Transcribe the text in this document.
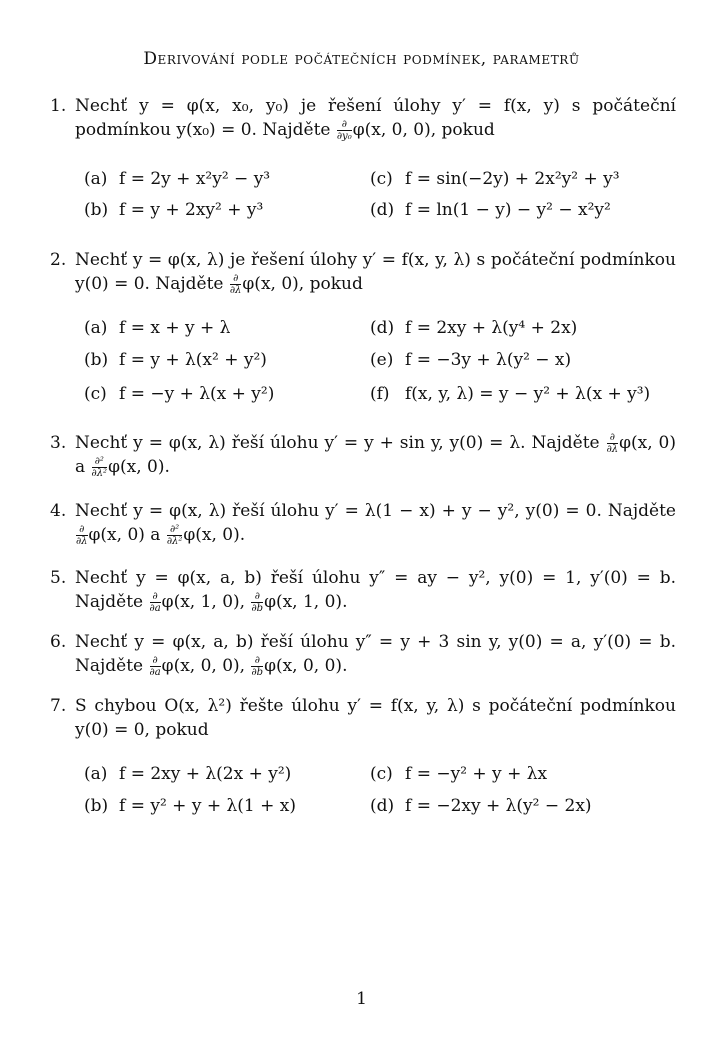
Derivování podle počátečních podmínek, parametrů
1. Nechť y = φ(x, x₀, y₀) je řešení úlohy y′ = f(x, y) s počáteční podmínkou y(x₀) = 0. Najděte $\frac{\partial}{\text{∂y₀}} \varphi(x$, 0, 0), pokud
(a) f = 2y + x²y² − y³
(b) f = y + 2xy² + y³
(c) f = sin(−2y) + 2x²y² + y³
(d) f = ln(1 − y) − y² − x²y²
2. Nechť y = φ(x, λ) je řešení úlohy y′ = f(x, y, λ) s počáteční podmínkou y(0) = 0. Najděte $\frac{\partial}{\partial\lambda} \varphi(x$, 0), pokud
(a) f = x + y + λ
(b) f = y + λ(x² + y²)
(c) f = −y + λ(x + y²)
(d) f = 2xy + λ(y⁴ + 2x)
(e) f = −3y + λ(y² − x)
(f) f(x, y, λ) = y − y² + λ(x + y³)
3. Nechť y = φ(x, λ) řeší úlohu y′ = y + sin y, y(0) = λ. Najděte $\frac{\partial}{\partial\lambda} \varphi(x$, 0) a $\frac{\text{∂²}}{\text{∂λ²}} \varphi(x$, 0).
4. Nechť y = φ(x, λ) řeší úlohu y′ = λ(1 − x) + y − y², y(0) = 0. Najděte
$\frac{\partial}{\partial\lambda} \varphi(x$, 0) a $\frac{\text{∂²}}{\text{∂λ²}} \varphi(x$, 0).
5. Nechť y = φ(x, a, b) řeší úlohu y″ = ay − y², y(0) = 1, y′(0) = b. Najděte $\frac{\partial}{\partial a} \varphi(x$, 1, 0), $\frac{\partial}{\partial b} \varphi(x$, 1, 0).
6. Nechť y = φ(x, a, b) řeší úlohu y″ = y + 3 sin y, y(0) = a, y′(0) = b. Najděte $\frac{\partial}{\partial a} \varphi(x$, 0, 0), $\frac{\partial}{\partial b} \varphi(x$, 0, 0).
7. S chybou O(x, λ²) řešte úlohu y′ = f(x, y, λ) s počáteční podmínkou y(0) = 0, pokud
(a) f = 2xy + λ(2x + y²)
(b) f = y² + y + λ(1 + x)
(c) f = −y² + y + λx
(d) f = −2xy + λ(y² − 2x)
1
